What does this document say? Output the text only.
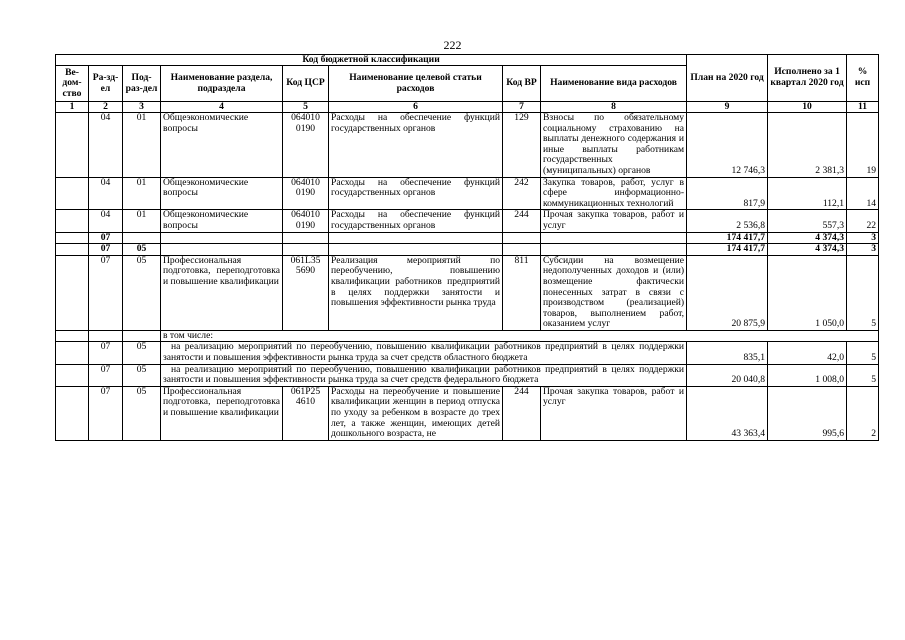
222
Код бюджетной классификации								План на 2020 год	Исполнено за 1 квартал 2020 год	% исп
Ве-дом-ство	Ра-зд-ел	Под-раз-дел	Наименование раздела, подраздела	Код ЦСР	Наименование целевой статьи расходов	Код ВР	Наименование вида расходов			
1	2	3	4	5	6	7	8	9	10	11
	04	01	Общеэкономические вопросы	064010 0190	Расходы на обеспечение функций государственных органов	129	Взносы по обязательному социальному страхованию на выплаты денежного содержания и иные выплаты работникам государственных (муниципальных) органов	12 746,3	2 381,3	19
	04	01	Общеэкономические вопросы	064010 0190	Расходы на обеспечение функций государственных органов	242	Закупка товаров, работ, услуг в сфере информационно-коммуникационных технологий	817,9	112,1	14
	04	01	Общеэкономические вопросы	064010 0190	Расходы на обеспечение функций государственных органов	244	Прочая закупка товаров, работ и услуг	2 536,8	557,3	22
	07							174 417,7	4 374,3	3
	07	05						174 417,7	4 374,3	3
	07	05	Профессиональная подготовка, переподготовка и повышение квалификации	061L35 5690	Реализация мероприятий по переобучению, повышению квалификации работников предприятий в целях поддержки занятости и повышения эффективности рынка труда	811	Субсидии на возмещение недополученных доходов и (или) возмещение фактически понесенных затрат в связи с производством (реализацией) товаров, выполнением работ, оказанием услуг	20 875,9	1 050,0	5
			в том числе:							
	07	05	на реализацию мероприятий по переобучению, повышению квалификации работников предприятий в целях поддержки занятости и повышения эффективности рынка труда за счет средств областного бюджета					835,1	42,0	5
	07	05	на реализацию мероприятий по переобучению, повышению квалификации работников предприятий в целях поддержки занятости и повышения эффективности рынка труда за счет средств федерального бюджета					20 040,8	1 008,0	5
	07	05	Профессиональная подготовка, переподготовка и повышение квалификации	061P25 4610	Расходы на переобучение и повышение квалификации женщин в период отпуска по уходу за ребенком в возрасте до трех лет, а также женщин, имеющих детей дошкольного возраста, не	244	Прочая закупка товаров, работ и услуг	43 363,4	995,6	2
